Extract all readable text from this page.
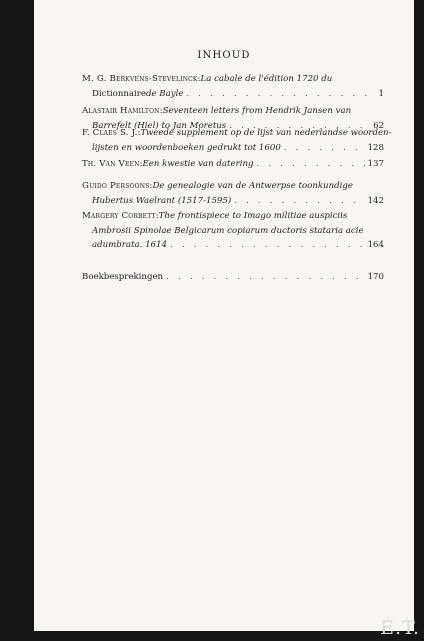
INHOUD
M. G. Berkvens-Stevelinck : La cabale de l'édition 1720 du
Dictionnaire de Bayle . . .	1
Alastair Hamilton : Seventeen letters from Hendrik Jansen van
Barrefelt (Hiel) to Jan Moretus . . .	62
F. Claes S. J. : Tweede supplement op de lijst van nederlandse woorden-
lijsten en woordenboeken gedrukt tot 1600 . . .	128
Th. Van Veen : Een kwestie van datering . . .	137
Guido Persoons : De genealogie van de Antwerpse toonkundige
Hubertus Waelrant (1517-1595) . . .	142
Margery Corbett : The frontispiece to Imago militiae auspiciis
Ambrosii Spinolae Belgicarum copiarum ductoris stataria acie
adumbrata. 1614 . . .	164
Boekbesprekingen . . .	170
E.T.
